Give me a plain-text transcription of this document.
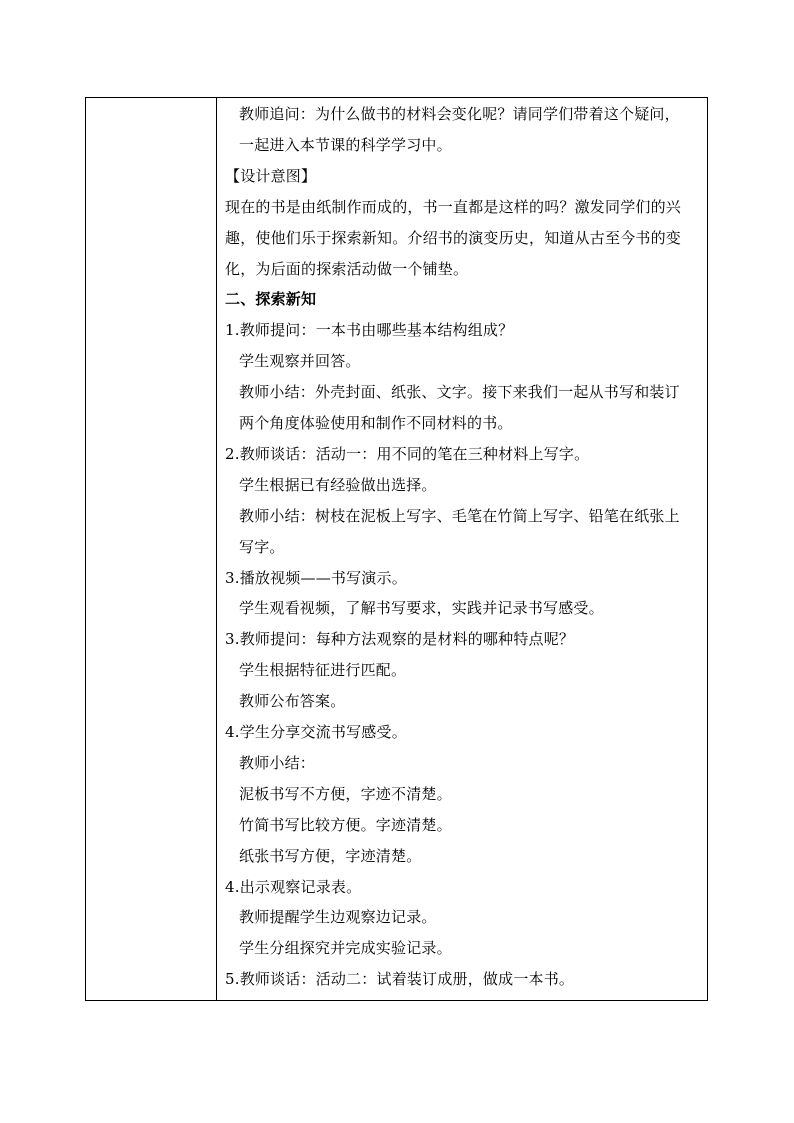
教师追问：为什么做书的材料会变化呢？请同学们带着这个疑问，
一起进入本节课的科学学习中。
【设计意图】
现在的书是由纸制作而成的，书一直都是这样的吗？激发同学们的兴
趣，使他们乐于探索新知。介绍书的演变历史，知道从古至今书的变
化，为后面的探索活动做一个铺垫。
二、探索新知
1.教师提问：一本书由哪些基本结构组成？
学生观察并回答。
教师小结：外壳封面、纸张、文字。接下来我们一起从书写和装订
两个角度体验使用和制作不同材料的书。
2.教师谈话：活动一：用不同的笔在三种材料上写字。
学生根据已有经验做出选择。
教师小结：树枝在泥板上写字、毛笔在竹简上写字、铅笔在纸张上
写字。
3.播放视频——书写演示。
学生观看视频，了解书写要求，实践并记录书写感受。
3.教师提问：每种方法观察的是材料的哪种特点呢？
学生根据特征进行匹配。
教师公布答案。
4.学生分享交流书写感受。
教师小结：
泥板书写不方便，字迹不清楚。
竹简书写比较方便。字迹清楚。
纸张书写方便，字迹清楚。
4.出示观察记录表。
教师提醒学生边观察边记录。
学生分组探究并完成实验记录。
5.教师谈话：活动二：试着装订成册，做成一本书。
